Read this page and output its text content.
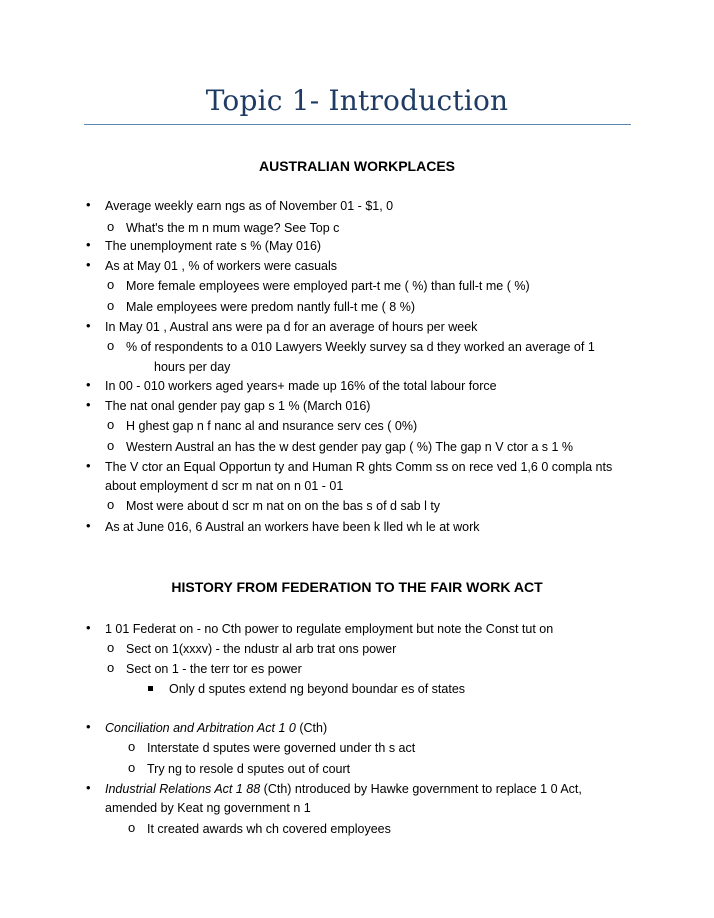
Topic 1- Introduction
AUSTRALIAN WORKPLACES
• Average weekly earn ngs as of November 01 - $1, 0
o What's the m n mum wage? See Top c
• The unemployment rate s % (May 016)
• As at May 01 , % of workers were casuals
o More female employees were employed part-t me ( %) than full-t me ( %)
o Male employees were predom nantly full-t me ( 8 %)
• In May 01 , Austral ans were pa d for an average of hours per week
o % of respondents to a 010 Lawyers Weekly survey sa d they worked an average of 1
hours per day
• In 00 - 010 workers aged years+ made up 16% of the total labour force
• The nat onal gender pay gap s 1 % (March 016)
o H ghest gap n f nanc al and nsurance serv ces ( 0%)
o Western Austral an has the w dest gender pay gap ( %) The gap n V ctor a s 1 %
• The V ctor an Equal Opportun ty and Human R ghts Comm ss on rece ved 1,6 0 compla nts
about employment d scr m nat on n 01 - 01
o Most were about d scr m nat on on the bas s of d sab l ty
• As at June 016, 6 Austral an workers have been k lled wh le at work
HISTORY FROM FEDERATION TO THE FAIR WORK ACT
• 1 01 Federat on - no Cth power to regulate employment but note the Const tut on
o Sect on 1(xxxv) - the ndustr al arb trat ons power
o Sect on 1 - the terr tor es power
Only d sputes extend ng beyond boundar es of states
• Conciliation and Arbitration Act 1 0 (Cth)
o Interstate d sputes were governed under th s act
o Try ng to resole d sputes out of court
• Industrial Relations Act 1 88 (Cth) ntroduced by Hawke government to replace 1 0 Act,
amended by Keat ng government n 1
o It created awards wh ch covered employees
